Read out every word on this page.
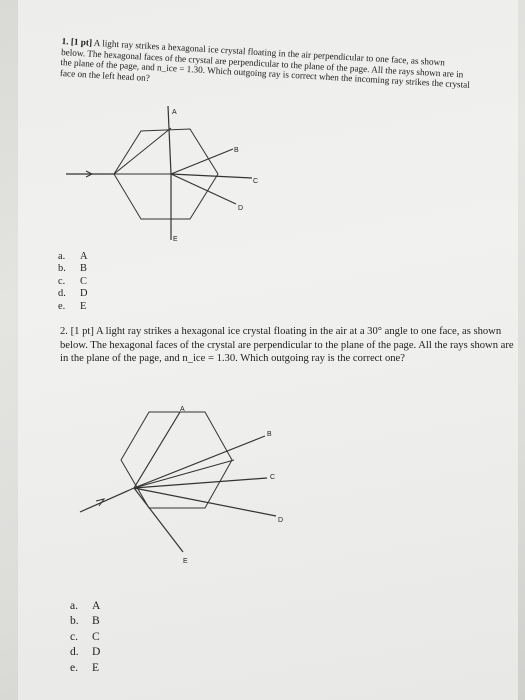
1. [1 pt] A light ray strikes a hexagonal ice crystal floating in the air perpendicular to one face, as shown below. The hexagonal faces of the crystal are perpendicular to the plane of the page. All the rays shown are in the plane of the page, and n_ice = 1.30. Which outgoing ray is correct when the incoming ray strikes the crystal face on the left head on?
A
B
C
D
E
A
B
C
D
E
a.	A
b.	B
c.	C
d.	D
e.	E
2. [1 pt] A light ray strikes a hexagonal ice crystal floating in the air at a 30° angle to one face, as shown below. The hexagonal faces of the crystal are perpendicular to the plane of the page. All the rays shown are in the plane of the page, and n_ice = 1.30. Which outgoing ray is the correct one?
a.	A
b.	B
c.	C
d.	D
e.	E
